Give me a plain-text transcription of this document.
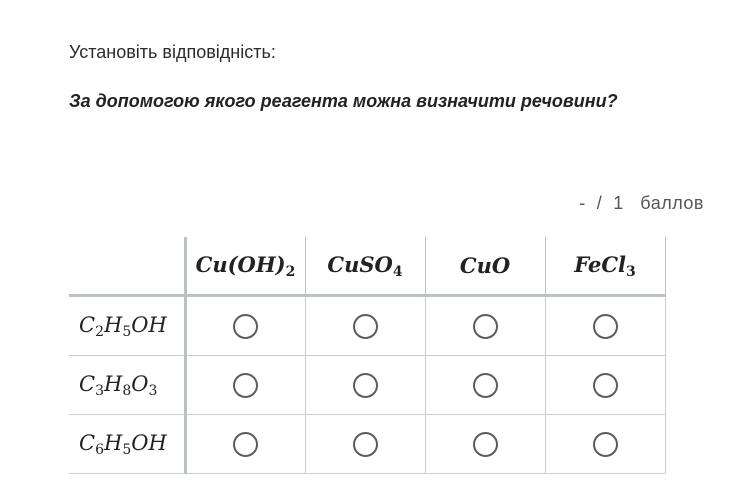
Установіть відповідність:
За допомогою якого реагента можна визначити речовини?
-  /  1   баллов
	$Cu(OH)_2$	CuSO$_4$	CuO	FeCl$_3$
$C_2H_5OH$				
$C_3H_8O_3$				
$C_6H_5OH$				
